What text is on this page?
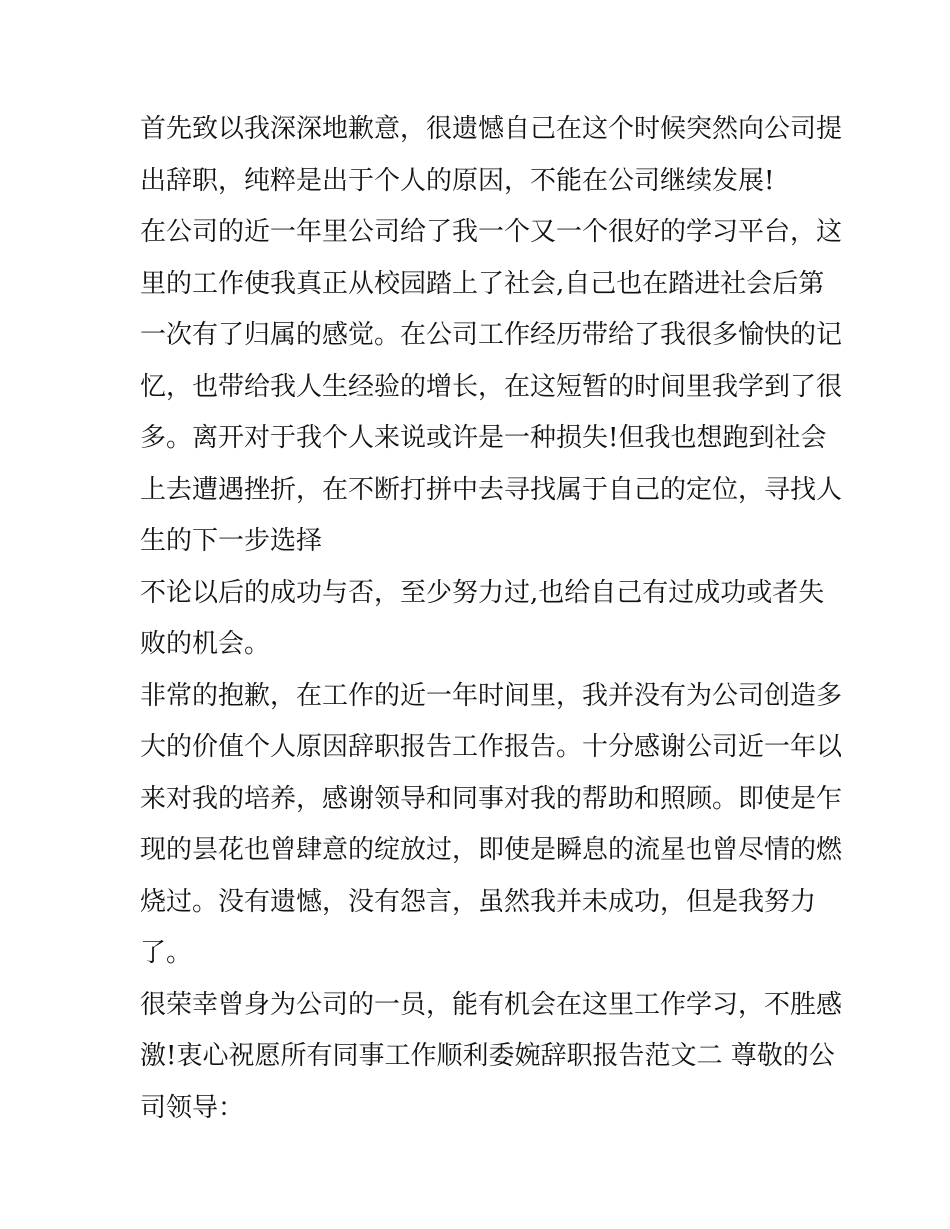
首先致以我深深地歉意，很遗憾自己在这个时候突然向公司提
出辞职，纯粹是出于个人的原因，不能在公司继续发展!
在公司的近一年里公司给了我一个又一个很好的学习平台，这
里的工作使我真正从校园踏上了社会,自己也在踏进社会后第
一次有了归属的感觉。在公司工作经历带给了我很多愉快的记
忆，也带给我人生经验的增长，在这短暂的时间里我学到了很
多。离开对于我个人来说或许是一种损失!但我也想跑到社会
上去遭遇挫折，在不断打拼中去寻找属于自己的定位，寻找人
生的下一步选择
不论以后的成功与否，至少努力过,也给自己有过成功或者失
败的机会。
非常的抱歉，在工作的近一年时间里，我并没有为公司创造多
大的价值个人原因辞职报告工作报告。十分感谢公司近一年以
来对我的培养，感谢领导和同事对我的帮助和照顾。即使是乍
现的昙花也曾肆意的绽放过，即使是瞬息的流星也曾尽情的燃
烧过。没有遗憾，没有怨言，虽然我并未成功，但是我努力
了。
很荣幸曾身为公司的一员，能有机会在这里工作学习，不胜感
激!衷心祝愿所有同事工作顺利委婉辞职报告范文二 尊敬的公
司领导：
